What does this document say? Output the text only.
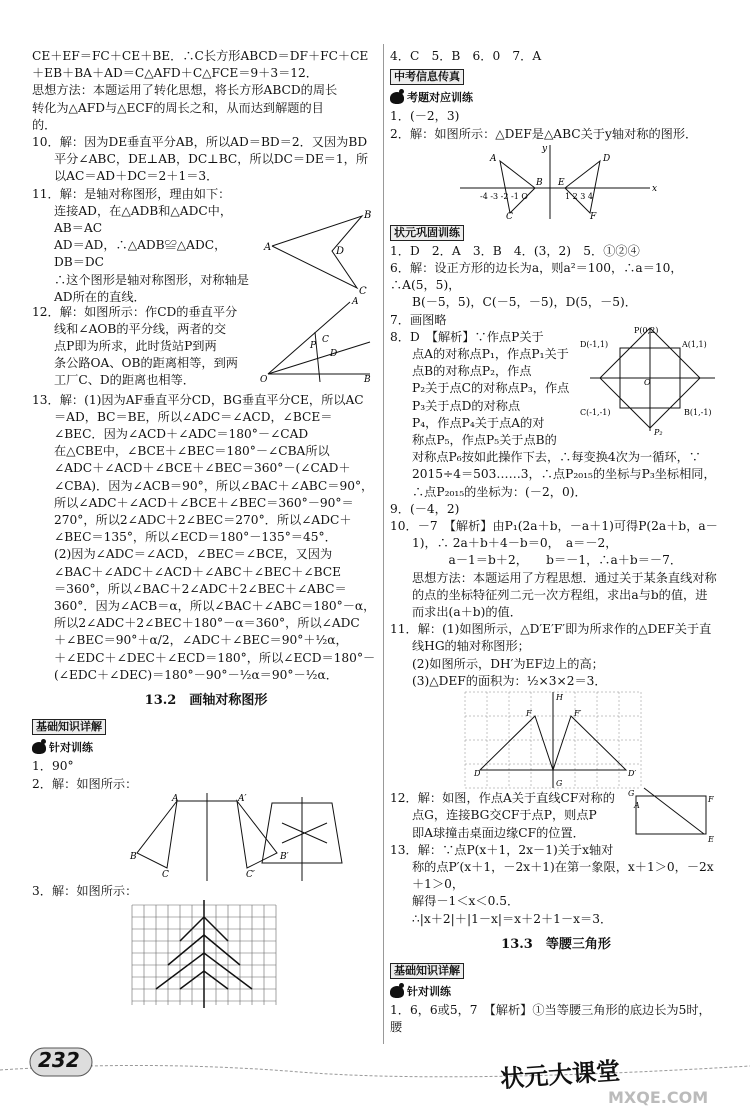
CE＋EF＝FC＋CE＋BE．∴C长方形ABCD＝DF＋FC＋CE

＋EB＋BA＋AD＝C△AFD＋C△FCE＝9＋3＝12．

思想方法：本题运用了转化思想，将长方形ABCD的周长

转化为△AFD与△ECF的周长之和，从而达到解题的目

的．

10．解：因为DE垂直平分AB，所以AD＝BD＝2．又因为BD

平分∠ABC，DE⊥AB，DC⊥BC，所以DC＝DE＝1，所

以AC＝AD＋DC＝2＋1＝3．

11．解：是轴对称图形，理由如下：

连接AD，在△ADB和△ADC中，

AB＝AC

AD＝AD，∴△ADB≌△ADC，

DB＝DC

∴这个图形是轴对称图形，对称轴是

AD所在的直线．

A
B
D
C

12．解：如图所示：作CD的垂直平分

线和∠AOB的平分线，两者的交

点P即为所求，此时货站P到两

条公路OA、OB的距离相等，到两

工厂C、D的距离也相等．	O
A
B
C
D
P

13．解：(1)因为AF垂直平分CD，BG垂直平分CE，所以AC

＝AD，BC＝BE，所以∠ADC＝∠ACD，∠BCE＝

∠BEC．因为∠ACD＋∠ADC＝180°－∠CAD

在△CBE中，∠BCE＋∠BEC＝180°－∠CBA所以

∠ADC＋∠ACD＋∠BCE＋∠BEC＝360°－(∠CAD＋

∠CBA)．因为∠ACB＝90°，所以∠BAC＋∠ABC＝90°，

所以∠ADC＋∠ACD＋∠BCE＋∠BEC＝360°－90°＝

270°，所以2∠ADC＋2∠BEC＝270°．所以∠ADC＋

∠BEC＝135°，所以∠ECD＝180°－135°＝45°．

(2)因为∠ADC＝∠ACD，∠BEC＝∠BCE，又因为

∠BAC＋∠ADC＋∠ACD＋∠ABC＋∠BEC＋∠BCE

＝360°，所以∠BAC＋2∠ADC＋2∠BEC＋∠ABC＝

360°．因为∠ACB＝α，所以∠BAC＋∠ABC＝180°－α，

所以2∠ADC＋2∠BEC＋180°－α＝360°，所以∠ADC

＋∠BEC＝90°＋α/2，∠ADC＋∠BEC＝90°＋½α，

＋∠EDC＋∠DEC＋∠ECD＝180°，所以∠ECD＝180°－

(∠EDC＋∠DEC)＝180°－90°－½α＝90°－½α．

13.2　画轴对称图形
基础知识详解
针对训练

1．90°

2．解：如图所示：

A	A′
B	B′
C	C′

3．解：如图所示：

4．C　5．B　6．0　7．A

中考信息传真
考题对应训练

1．(－2，3)

2．解：如图所示：△DEF是△ABC关于y轴对称的图形．

x
y
A	D
B E
C	F
-4 -3 -2 -1 O	1 2 3 4
状元巩固训练

1．D　2．A　3．B　4．(3，2)　5．①②④

6．解：设正方形的边长为a，则a²＝100，∴a＝10，∴A(5，5)，

B(－5，5)，C(－5，－5)，D(5，－5)．

7．画图略

8．D　【解析】∵作点P关于

点A的对称点P₁，作点P₁关于

点B的对称点P₂，作点

P₂关于点C的对称点P₃，作点

P₃关于点D的对称点

P₄，作点P₄关于点A的对

称点P₅，作点P₅关于点B的

P(0,2)
A(1,1)
D(-1,1)
B(1,-1)
C(-1,-1)
O
P₂

对称点P₆按如此操作下去，∴每变换4次为一循环，∵

2015÷4＝503……3，∴点P₂₀₁₅的坐标与P₃坐标相同，

∴点P₂₀₁₅的坐标为：(－2，0)．

9．(－4，2)

10．－7　【解析】由P₁(2a＋b，－a＋1)可得P(2a＋b，a－

1)，∴ 2a＋b＋4－b＝0，　a＝－2，

　　　a－1＝b＋2，　　b＝－1，∴a＋b＝－7．

思想方法：本题运用了方程思想．通过关于某条直线对称

的点的坐标特征列二元一次方程组，求出a与b的值，进

而求出(a＋b)的值．

11．解：(1)如图所示，△D′E′F′即为所求作的△DEF关于直

线HG的轴对称图形；

(2)如图所示，DH′为EF边上的高；

(3)△DEF的面积为：½×3×2＝3．

F	F′
D	D′
H
G

12．解：如图，作点A关于直线CF对称的

点G，连接BG交CF于点P，则点P

即A球撞击桌面边缘CF的位置．

G
F
E
A

13．解：∵点P(x＋1，2x－1)关于x轴对

称的点P′(x＋1，－2x＋1)在第一象限，x＋1＞0，－2x＋1＞0，

解得－1＜x＜0.5．

∴|x＋2|＋|1－x|＝x＋2＋1－x＝3．

13.3　等腰三角形
基础知识详解
针对训练

1．6，6或5，7　【解析】①当等腰三角形的底边长为5时，腰

232	状元大课堂
MXQE.COM
